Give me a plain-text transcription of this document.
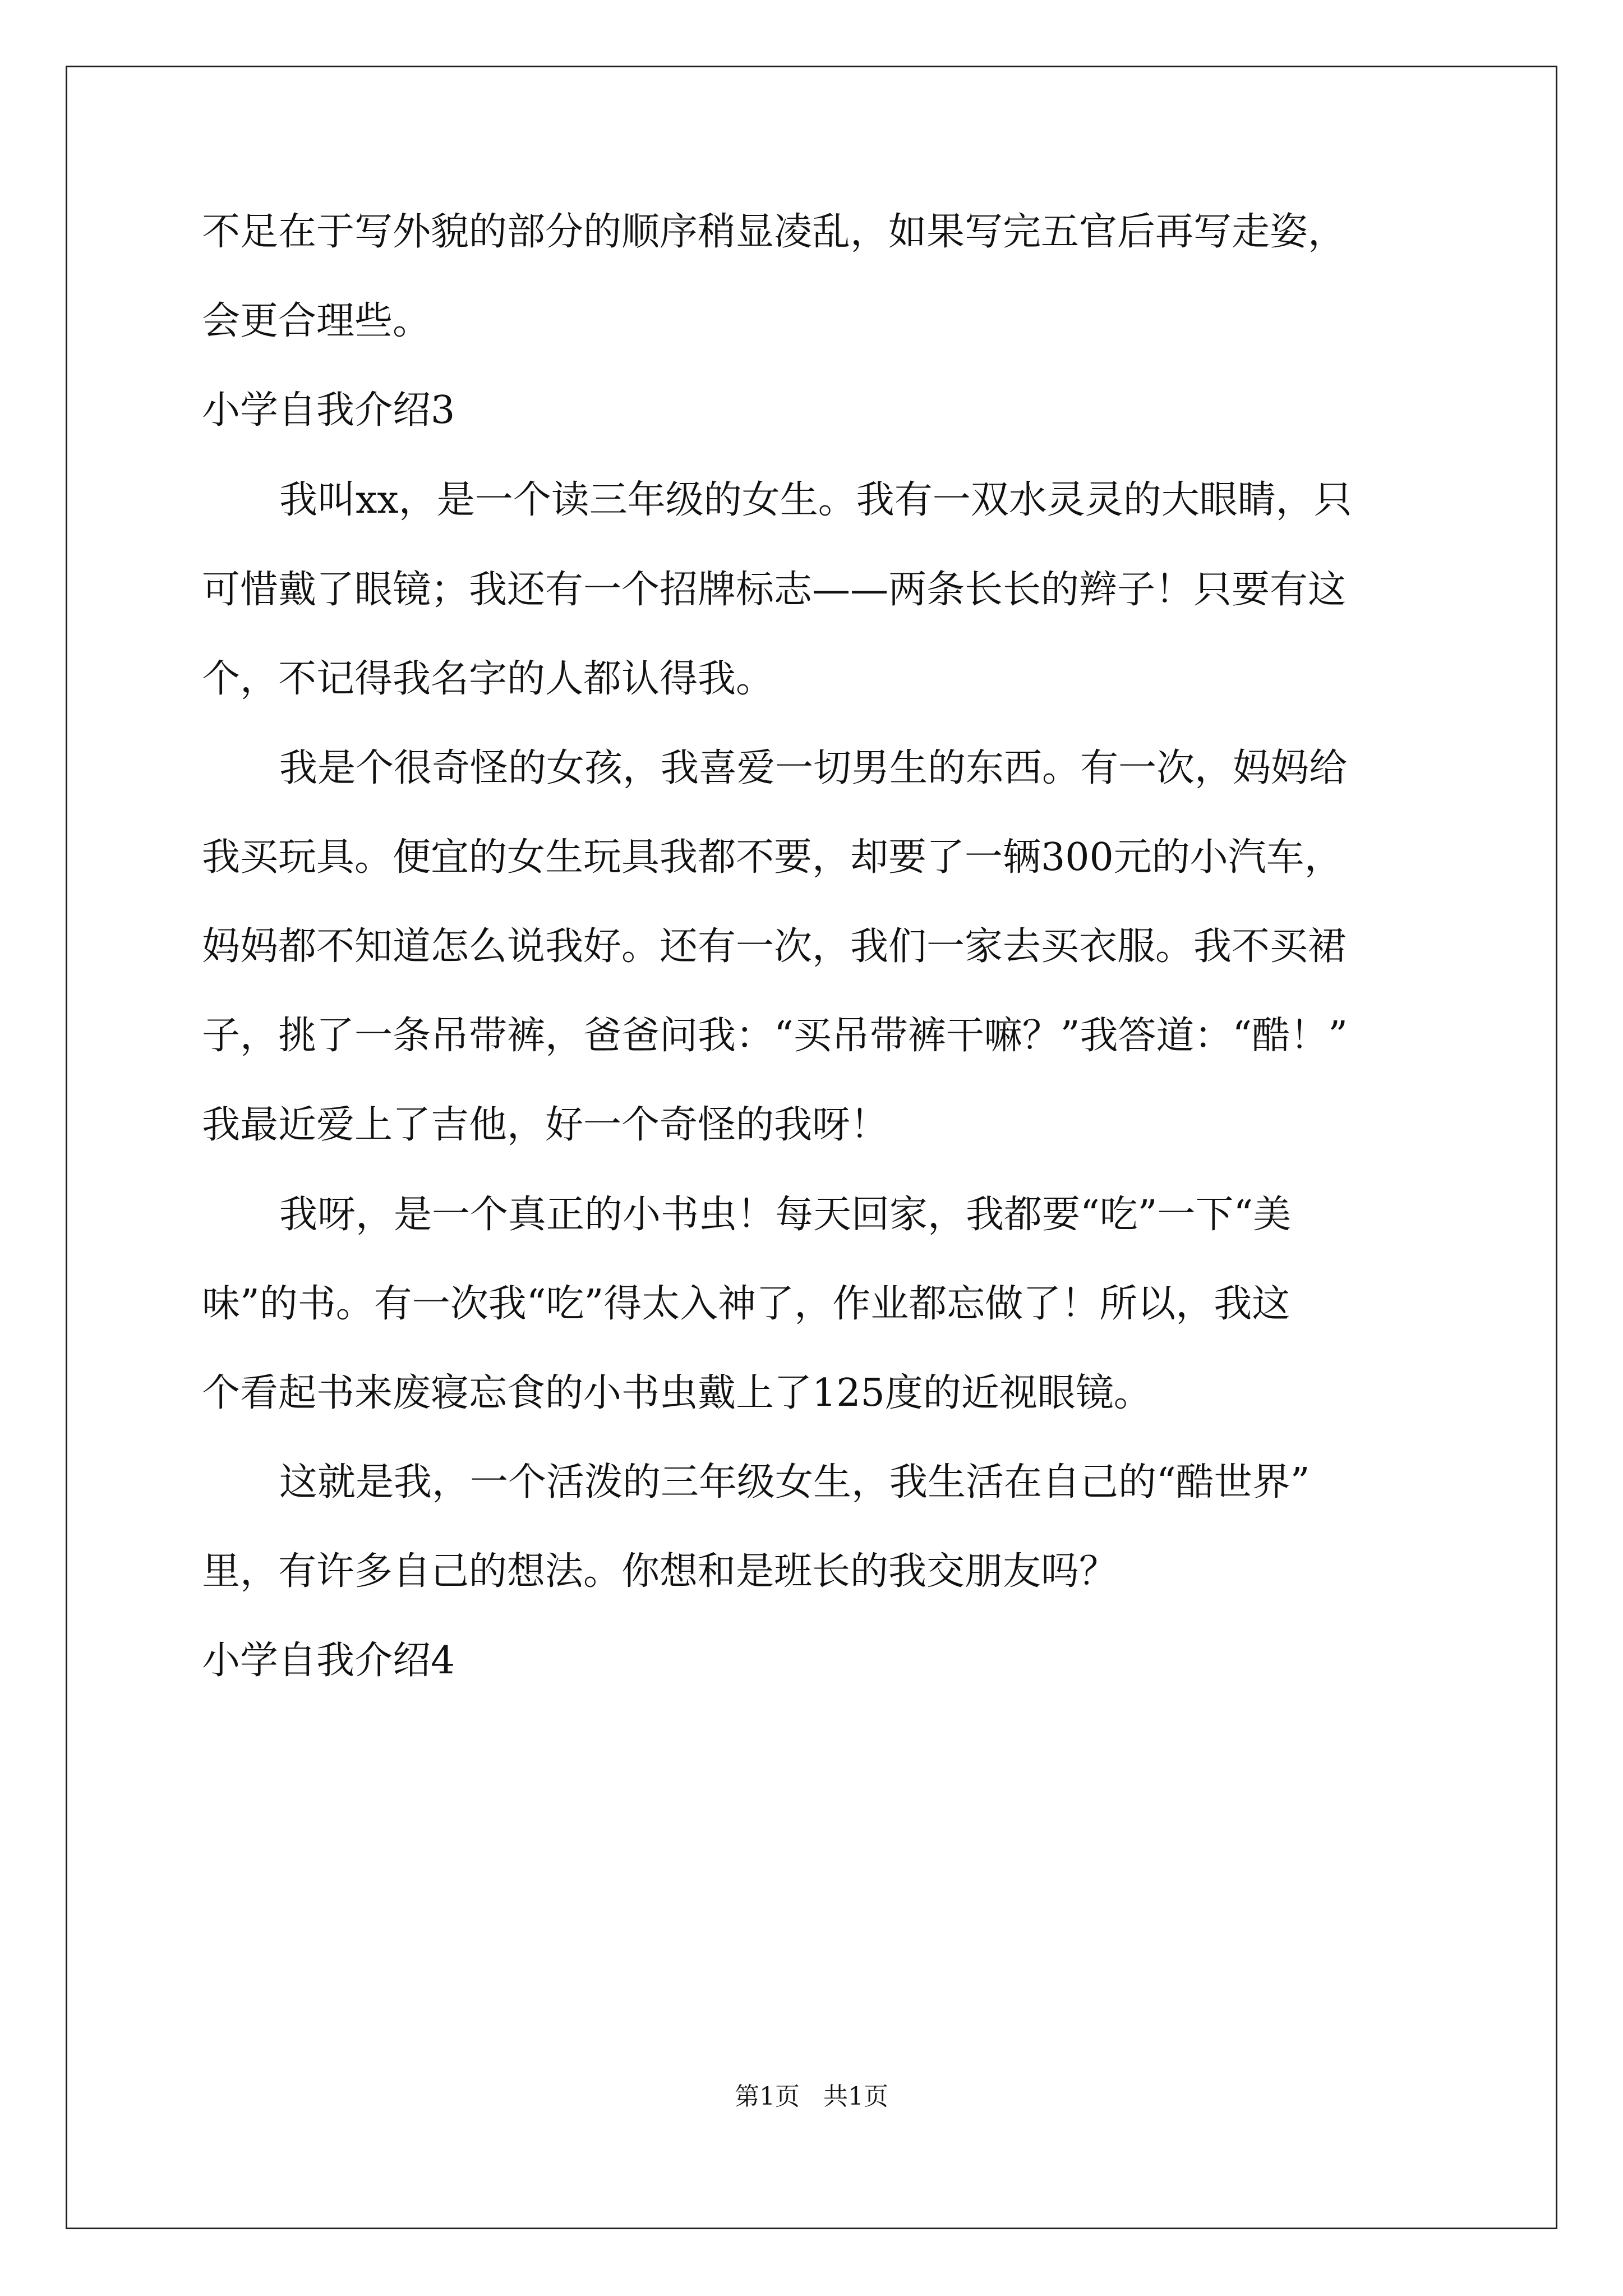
不足在于写外貌的部分的顺序稍显凌乱，如果写完五官后再写走姿，
会更合理些。
小学自我介绍3
我叫xx，是一个读三年级的女生。我有一双水灵灵的大眼睛，只
可惜戴了眼镜；我还有一个招牌标志——两条长长的辫子！只要有这
个，不记得我名字的人都认得我。
我是个很奇怪的女孩，我喜爱一切男生的东西。有一次，妈妈给
我买玩具。便宜的女生玩具我都不要，却要了一辆300元的小汽车，
妈妈都不知道怎么说我好。还有一次，我们一家去买衣服。我不买裙
子，挑了一条吊带裤，爸爸问我：“买吊带裤干嘛？”我答道：“酷！”
我最近爱上了吉他，好一个奇怪的我呀！
我呀，是一个真正的小书虫！每天回家，我都要“吃”一下“美
味”的书。有一次我“吃”得太入神了，作业都忘做了！所以，我这
个看起书来废寝忘食的小书虫戴上了125度的近视眼镜。
这就是我，一个活泼的三年级女生，我生活在自己的“酷世界”
里，有许多自己的想法。你想和是班长的我交朋友吗？
小学自我介绍4
第1页   共1页
